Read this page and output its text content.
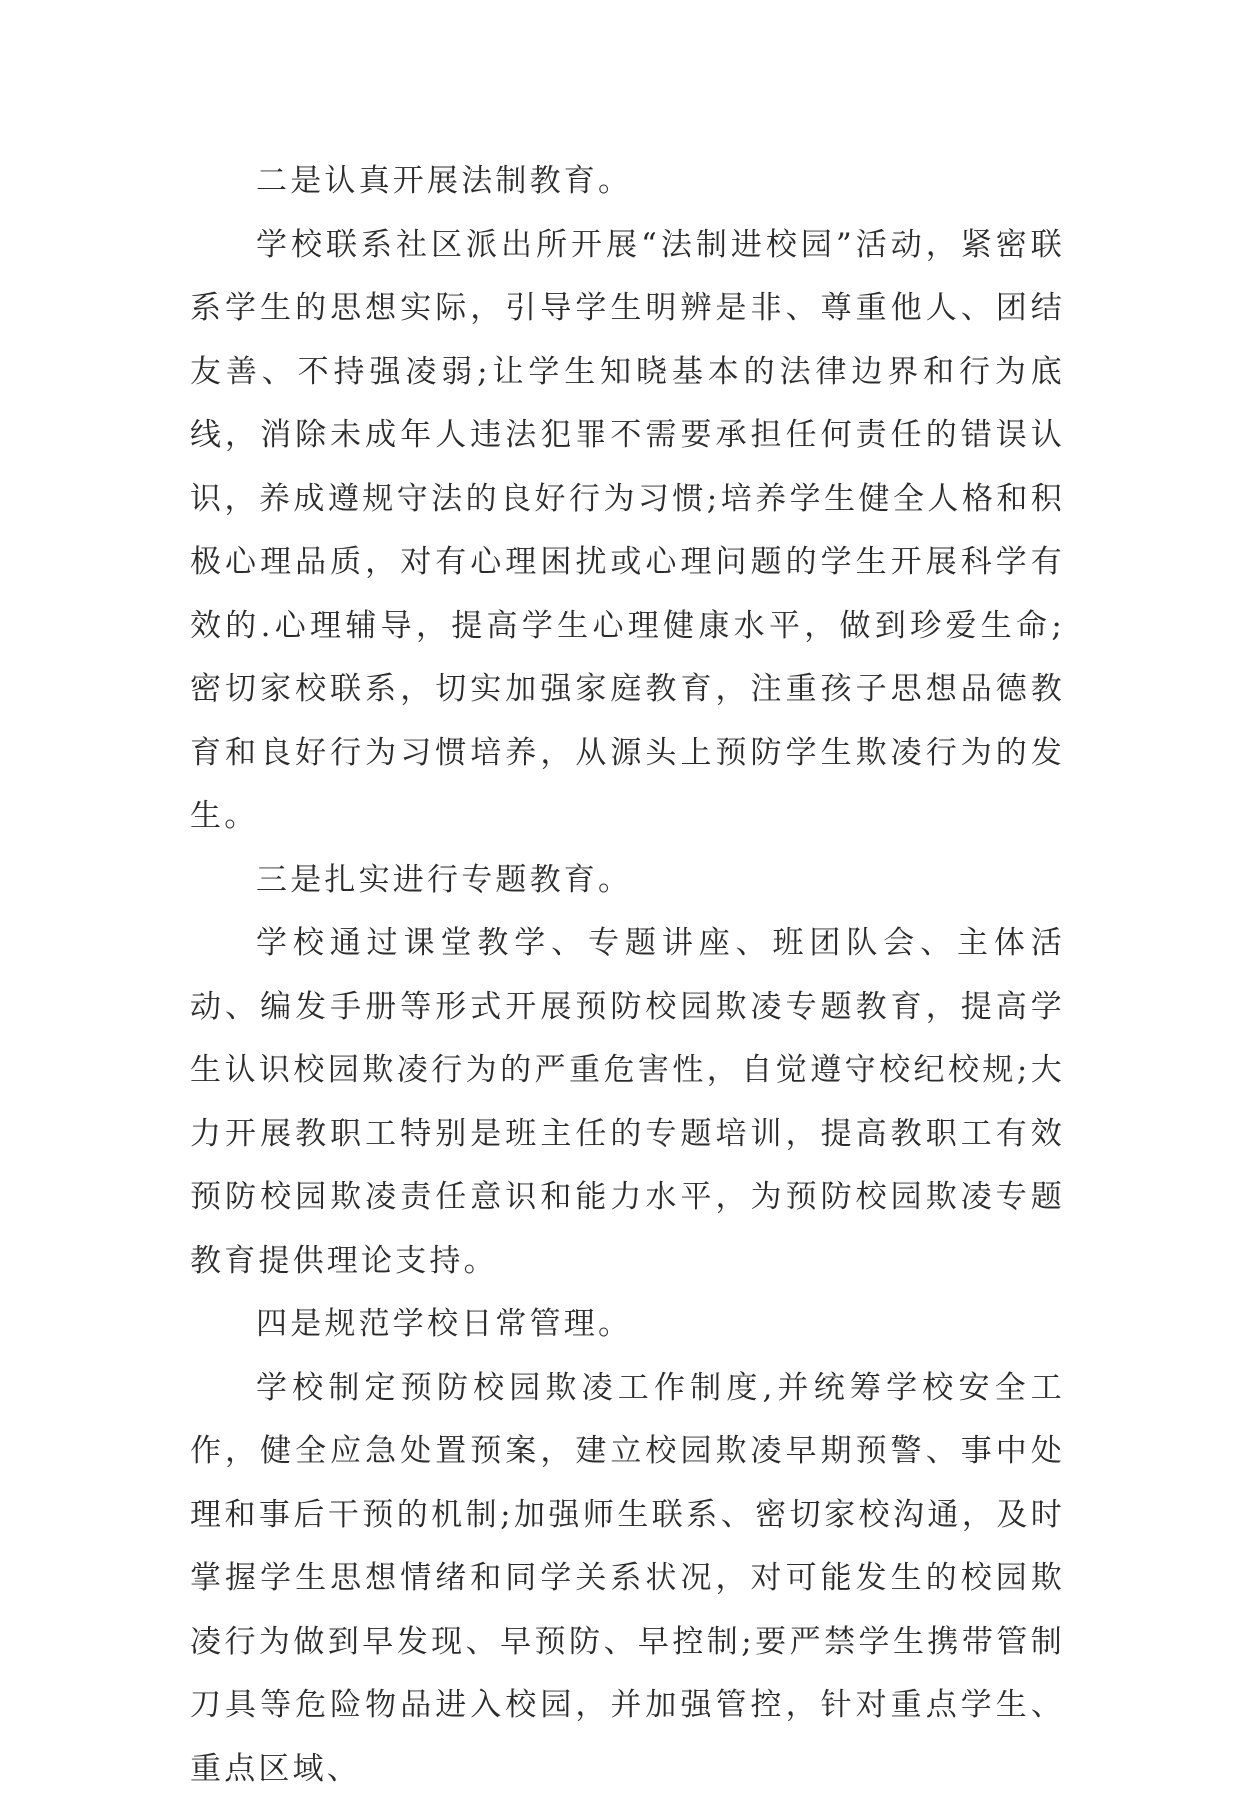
二是认真开展法制教育。

学校联系社区派出所开展“法制进校园”活动，紧密联系学生的思想实际，引导学生明辨是非、尊重他人、团结友善、不持强凌弱;让学生知晓基本的法律边界和行为底线，消除未成年人违法犯罪不需要承担任何责任的错误认识，养成遵规守法的良好行为习惯;培养学生健全人格和积极心理品质，对有心理困扰或心理问题的学生开展科学有效的.心理辅导，提高学生心理健康水平，做到珍爱生命;密切家校联系，切实加强家庭教育，注重孩子思想品德教育和良好行为习惯培养，从源头上预防学生欺凌行为的发生。

三是扎实进行专题教育。

学校通过课堂教学、专题讲座、班团队会、主体活动、编发手册等形式开展预防校园欺凌专题教育，提高学生认识校园欺凌行为的严重危害性，自觉遵守校纪校规;大力开展教职工特别是班主任的专题培训，提高教职工有效预防校园欺凌责任意识和能力水平，为预防校园欺凌专题教育提供理论支持。

四是规范学校日常管理。

学校制定预防校园欺凌工作制度,并统筹学校安全工作，健全应急处置预案，建立校园欺凌早期预警、事中处理和事后干预的机制;加强师生联系、密切家校沟通，及时掌握学生思想情绪和同学关系状况，对可能发生的校园欺凌行为做到早发现、早预防、早控制;要严禁学生携带管制刀具等危险物品进入校园，并加强管控，针对重点学生、重点区域、
